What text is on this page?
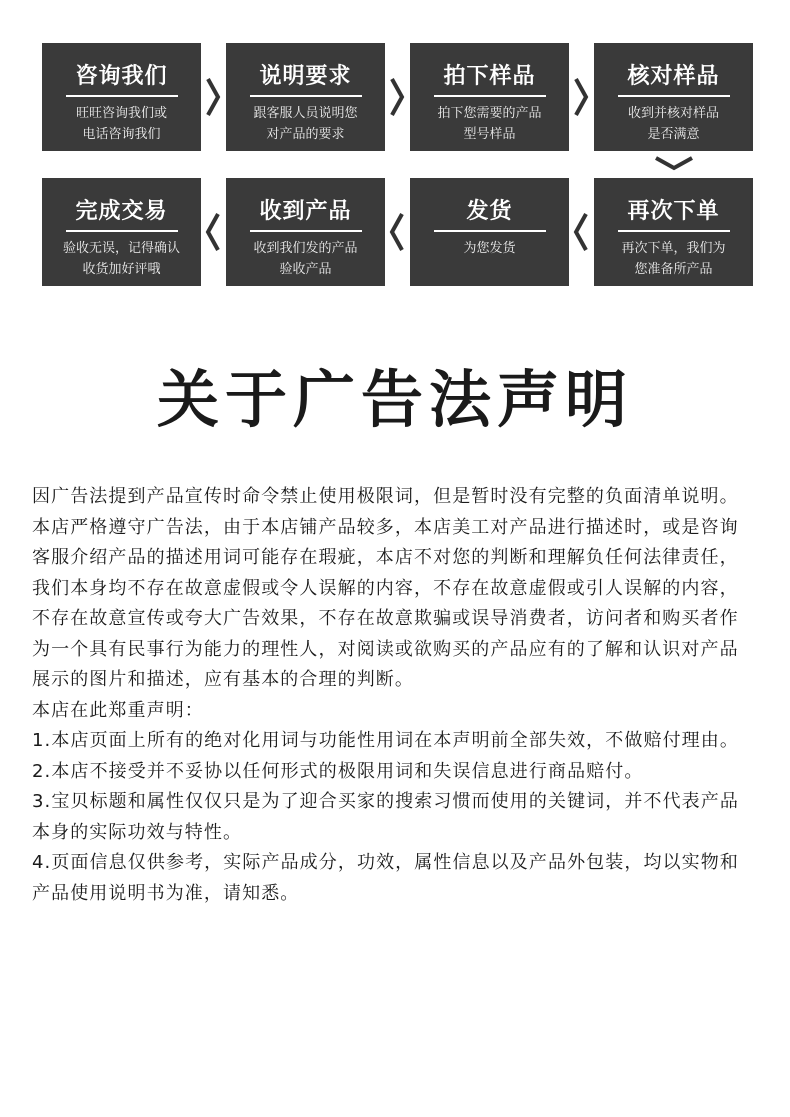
咨询我们
旺旺咨询我们或
电话咨询我们
说明要求
跟客服人员说明您
对产品的要求
拍下样品
拍下您需要的产品
型号样品
核对样品
收到并核对样品
是否满意
完成交易
验收无误，记得确认
收货加好评哦
收到产品
收到我们发的产品
验收产品
发货
为您发货
再次下单
再次下单，我们为
您准备所产品
关于广告法声明

因广告法提到产品宣传时命令禁止使用极限词，但是暂时没有完整的负面清单说明。

本店严格遵守广告法，由于本店铺产品较多，本店美工对产品进行描述时，或是咨询客服介绍产品的描述用词可能存在瑕疵，本店不对您的判断和理解负任何法律责任，我们本身均不存在故意虚假或令人误解的内容，不存在故意虚假或引人误解的内容，不存在故意宣传或夸大广告效果，不存在故意欺骗或误导消费者，访问者和购买者作为一个具有民事行为能力的理性人，对阅读或欲购买的产品应有的了解和认识对产品展示的图片和描述，应有基本的合理的判断。

本店在此郑重声明：

1.本店页面上所有的绝对化用词与功能性用词在本声明前全部失效，不做赔付理由。

2.本店不接受并不妥协以任何形式的极限用词和失误信息进行商品赔付。

3.宝贝标题和属性仅仅只是为了迎合买家的搜索习惯而使用的关键词，并不代表产品本身的实际功效与特性。

4.页面信息仅供参考，实际产品成分，功效，属性信息以及产品外包装，均以实物和产品使用说明书为准，请知悉。
